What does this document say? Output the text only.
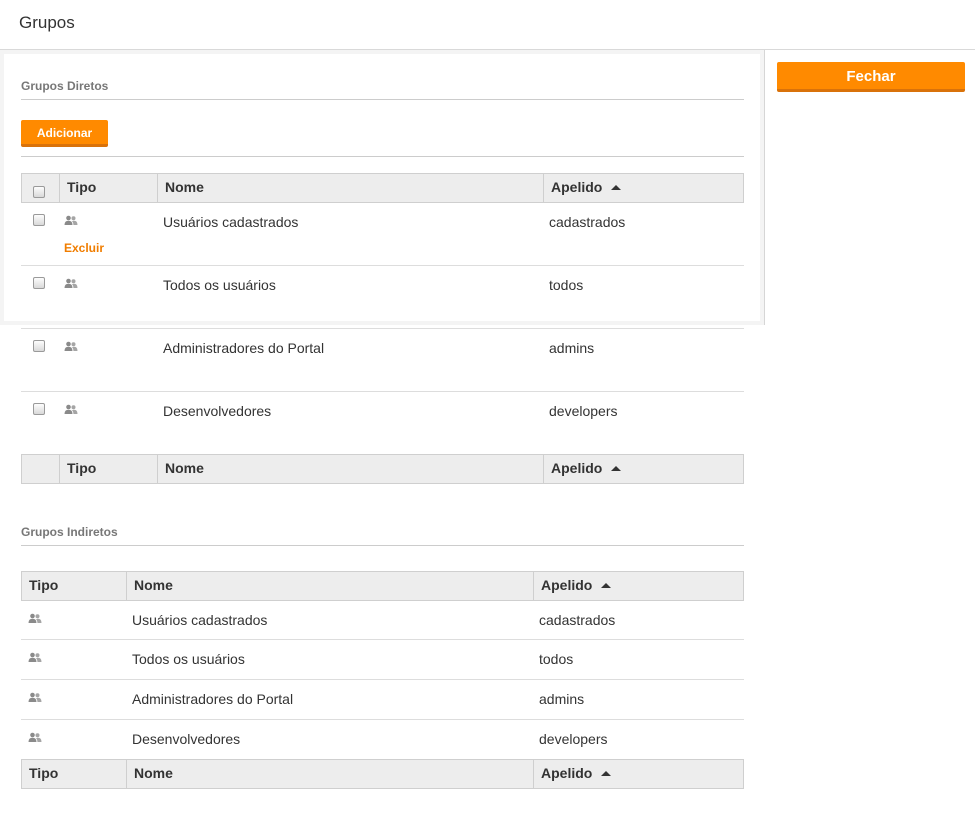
Grupos
Fechar
Grupos Diretos
Adicionar
Tipo	Nome	Apelido
Usuários cadastrados	cadastrados
Excluir
Todos os usuários	todos
Administradores do Portal	admins
Desenvolvedores	developers
Tipo	Nome	Apelido
Grupos Indiretos
Tipo	Nome	Apelido
Usuários cadastrados	cadastrados
Todos os usuários	todos
Administradores do Portal	admins
Desenvolvedores	developers
Tipo	Nome	Apelido
